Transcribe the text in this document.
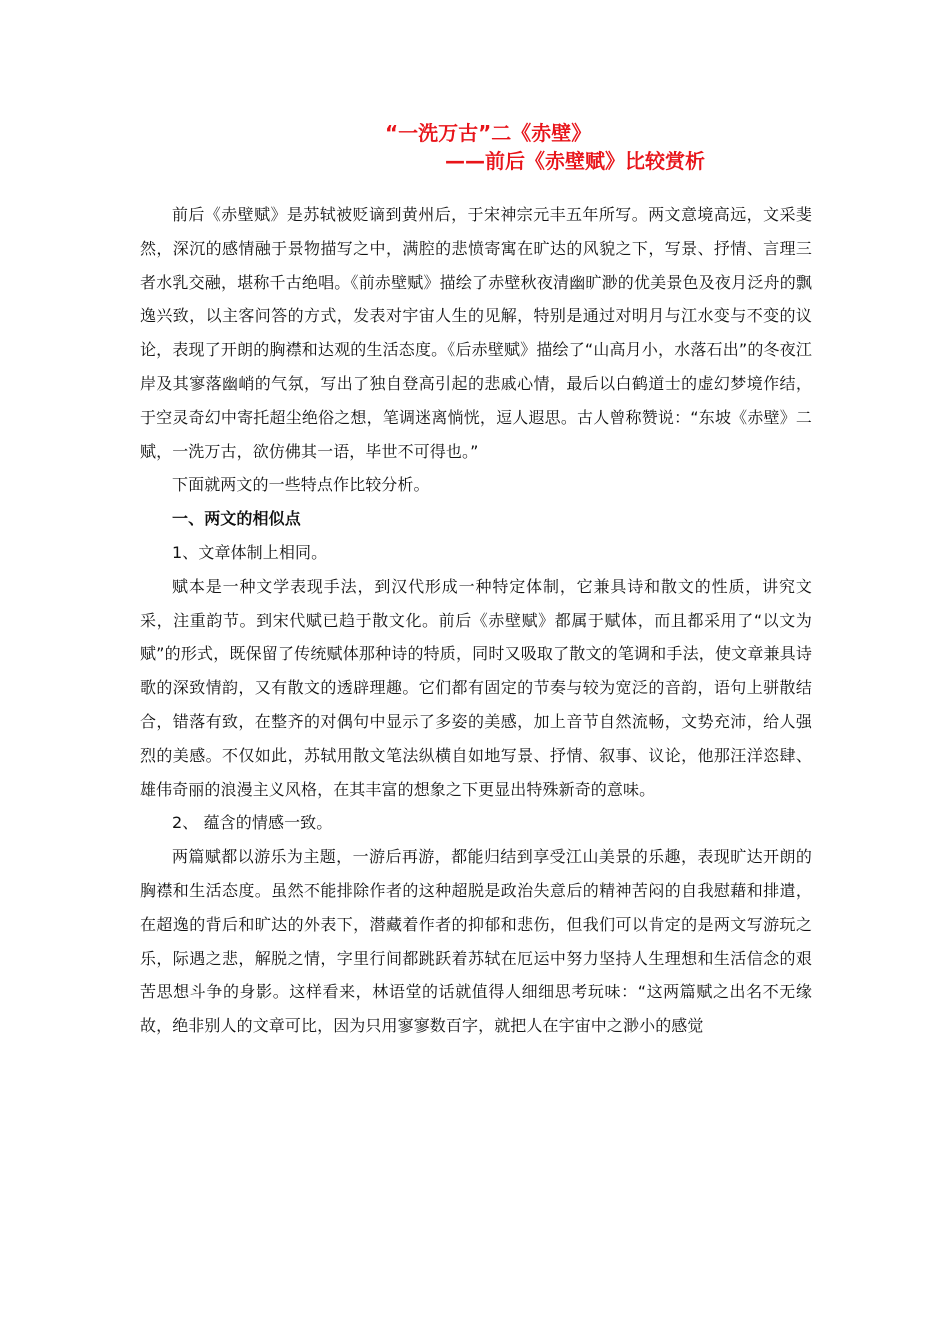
“一洗万古”二《赤壁》
——前后《赤壁赋》比较赏析

前后《赤壁赋》是苏轼被贬谪到黄州后，于宋神宗元丰五年所写。两文意境高远，文采斐然，深沉的感情融于景物描写之中，满腔的悲愤寄寓在旷达的风貌之下，写景、抒情、言理三者水乳交融，堪称千古绝唱。《前赤壁赋》描绘了赤壁秋夜清幽旷渺的优美景色及夜月泛舟的飘逸兴致，以主客问答的方式，发表对宇宙人生的见解，特别是通过对明月与江水变与不变的议论，表现了开朗的胸襟和达观的生活态度。《后赤壁赋》描绘了“山高月小，水落石出”的冬夜江岸及其寥落幽峭的气氛，写出了独自登高引起的悲戚心情，最后以白鹤道士的虚幻梦境作结，于空灵奇幻中寄托超尘绝俗之想，笔调迷离惝恍，逗人遐思。古人曾称赞说：“东坡《赤壁》二赋，一洗万古，欲仿佛其一语，毕世不可得也。”

下面就两文的一些特点作比较分析。

一、两文的相似点

1、文章体制上相同。

赋本是一种文学表现手法，到汉代形成一种特定体制，它兼具诗和散文的性质，讲究文采，注重韵节。到宋代赋已趋于散文化。前后《赤壁赋》都属于赋体，而且都采用了“以文为赋”的形式，既保留了传统赋体那种诗的特质，同时又吸取了散文的笔调和手法，使文章兼具诗歌的深致情韵，又有散文的透辟理趣。它们都有固定的节奏与较为宽泛的音韵，语句上骈散结合，错落有致，在整齐的对偶句中显示了多姿的美感，加上音节自然流畅，文势充沛，给人强烈的美感。不仅如此，苏轼用散文笔法纵横自如地写景、抒情、叙事、议论，他那汪洋恣肆、雄伟奇丽的浪漫主义风格，在其丰富的想象之下更显出特殊新奇的意味。

2、 蕴含的情感一致。

两篇赋都以游乐为主题，一游后再游，都能归结到享受江山美景的乐趣，表现旷达开朗的胸襟和生活态度。虽然不能排除作者的这种超脱是政治失意后的精神苦闷的自我慰藉和排遣，在超逸的背后和旷达的外表下，潜藏着作者的抑郁和悲伤，但我们可以肯定的是两文写游玩之乐，际遇之悲，解脱之情，字里行间都跳跃着苏轼在厄运中努力坚持人生理想和生活信念的艰苦思想斗争的身影。这样看来，林语堂的话就值得人细细思考玩味：“这两篇赋之出名不无缘故，绝非别人的文章可比，因为只用寥寥数百字，就把人在宇宙中之渺小的感觉
